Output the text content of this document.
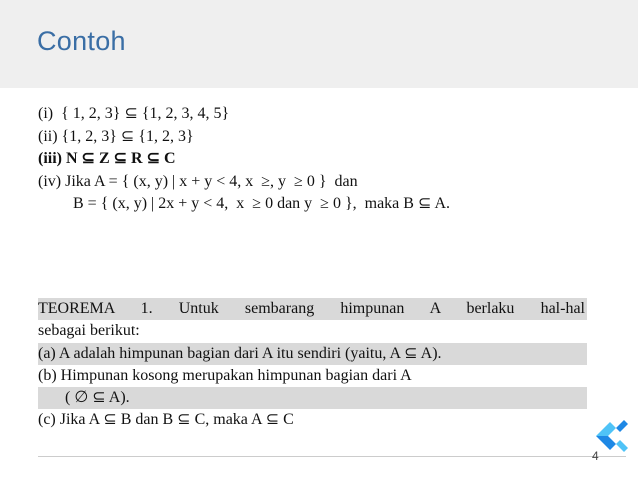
Contoh
(i)  { 1, 2, 3} ⊆ {1, 2, 3, 4, 5}
(ii) {1, 2, 3} ⊆ {1, 2, 3}
(iii) N ⊆ Z ⊆ R ⊆ C
(iv) Jika A = { (x, y) | x + y < 4, x  ≥, y  ≥ 0 }  dan
B = { (x, y) | 2x + y < 4,  x  ≥ 0 dan y  ≥ 0 },  maka B ⊆ A.
TEOREMA 1. Untuk sembarang himpunan A berlaku hal-hal
sebagai berikut:
(a) A adalah himpunan bagian dari A itu sendiri (yaitu, A ⊆ A).
(b) Himpunan kosong merupakan himpunan bagian dari A
( ∅ ⊆ A).
(c) Jika A ⊆ B dan B ⊆ C, maka A ⊆ C
4
